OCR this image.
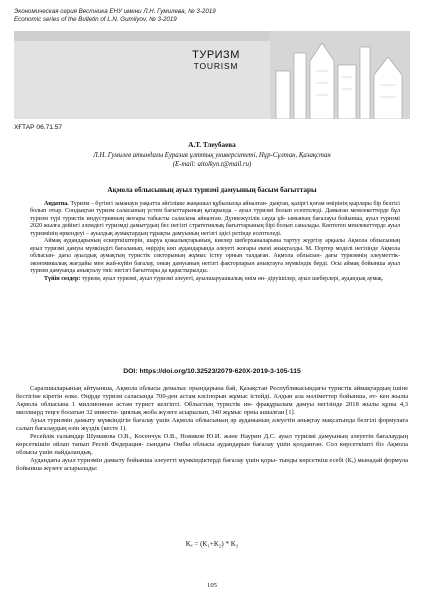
Экономическая серия Вестника ЕНУ имени Л.Н. Гумилева, № 3-2019
Economic series of the Bulletin of L.N. Gumilyov, № 3-2019
ТУРИЗМ
TOURISM
ХҒТАР 06.71.57
А.Т. Тлеубаева
Л.Н. Гумилев атындағы Еуразия ұлттық университеті, Нұр-Сұлтан, Қазақстан
(E-mail: aitolkyn.t@mail.ru)
Ақмола облысының ауыл туризмі дамуының басым бағыттары

Аңдатпа. Туризм – бүгінгі заманауи уақытта әйгілікке жаңашыл құбылысқа айналған- дықтан, қазіргі қоғам өмірінің қырлары бір белгісі болып отыр. Сондықтан туризм саласының үстем бағыттарының қатарында – ауыл туризмі болып есептеледі. Дамыған мемлекеттерде бұл туризм түрі туристік индустрияның жоғары табысты саласына айналған. Дүниежүзілік сауда ұй- ымының бағалауы бойынша, ауыл туризмі 2020 жылға дейінгі әлемдегі туризмді дамытудың бес негізгі стратегиялық бағыттарының бірі болып саналады. Көптеген мемлекеттерде ауыл туризмінің өркендеуі – ауылдық аумақтардың тұрақты дамуының негізгі әдісі ретінде есептеледі.

Аймақ аудандарының ескерткіштерін, шаруа қожалықтарының, киелер шеберханаларына тартуу жүргізу арқылы Ақмола облысының ауыл туризмі дамуы мүмкіндігі бағаланып, өңірдің көп аудандарында әлеуеті жоғары екені анықталды. М. Портер моделі негізінде Ақмола облысын- дағы ауылдық аумақтың туристік секторының жұмыс істеу орнын талдаған. Ақмола облысын- дағы туризмнің әлеуметтік-экономикалық жағдайы мен жай-күйін бағалау, оның дамуының негізгі факторларын анықтауға мүмкіндік берді. Осы аймақ бойынша ауыл туризм дамуында анықталу тиіс негізгі бағыттары да қарастырылды.

Түйін сөздер: туризм, ауыл туризмі, ауыл туризмі әлеуеті, ауылшаруашылық өнім өн- діруішілер, ауыл шеберлері, аудандық аумақ.

DOI: https://doi.org/10.32523/2079-620X-2019-3-105-115

Саралшыларының айтуынша, Ақмола облысы демалыс орындарына бай, Қазақстан Республикасындағы туристік аймақтардың ішіне бестігіне кіретін өлке. Өңірде туризм саласында 700-ден астам кәсіпорын жұмыс істейді. Алдын ала мәліметтер бойынша, өт- кен жылы Ақмола облысына 1 миллионнан астам турист келгіпті. Облыстың туристік ин- фрақұрылым дамуы негізінде 2018 жылы құны 4,3 миллиард теңге болатын 32 инвести- циялық жоба жүзеге асырылып, 340 жұмыс орны ашылған [1].

Ауыл туризмін дамыту мүмкіндігін бағалау үшін Ақмола облысының әр ауданының әлеуетін анықтау мақсатында белгілі формулаға салып бағалаудың өзін жүздік (кесте 1).

Ресейлік ғалымдар Шумакова О.В., Косенчук О.В., Новиков Ю.И. және Наурин Д.С. ауыл туризмі дамуының әлеуетін бағалаудың көрсеткішін ойлап тапып Ресей Федерация- сындағы Омбы облысы аудандарын бағалау үшін қолданған. Сол көрсеткішті біз Ақмола облысы үшін пайдаландық.

Аудандағы ауыл туризмін дамыту бойынша әлеуетті мүмкіндіктерді бағалау үшін қоры- тынды көрсеткіш есебі (Кₑ) мынадай формула бойынша жүзеге асырылады:

Kₑ = (K₁+K₂) * K₃
105
